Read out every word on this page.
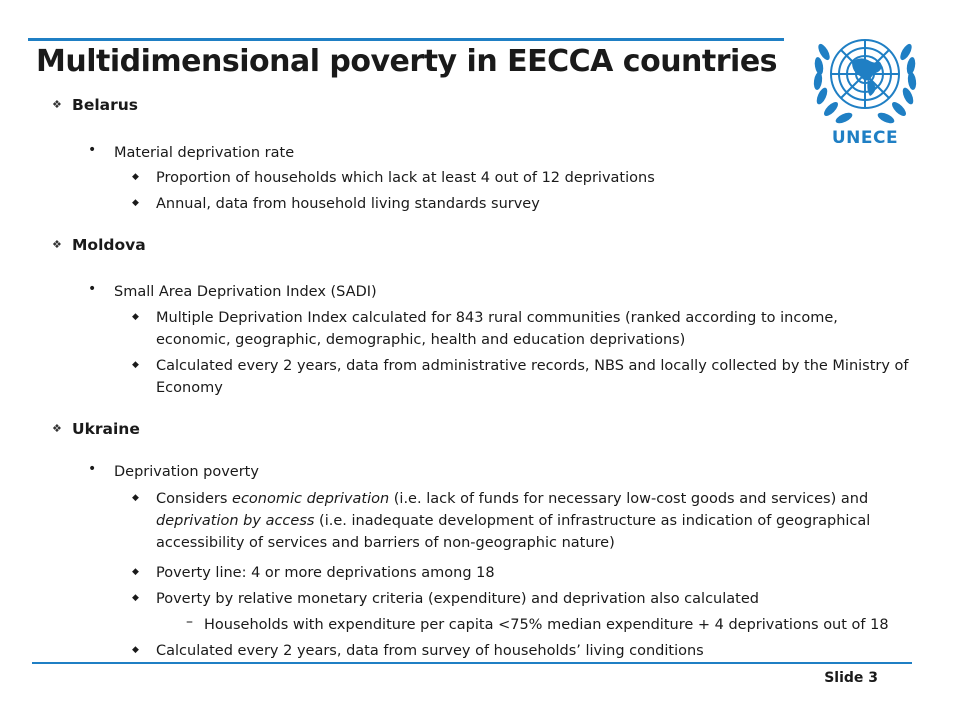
Multidimensional poverty in EECCA countries
UNECE
❖ Belarus
• Material deprivation rate
◆ Proportion of households which lack at least 4 out of 12 deprivations
◆ Annual, data from household living standards survey
❖ Moldova
• Small Area Deprivation Index (SADI)
◆ Multiple Deprivation Index calculated for 843 rural communities (ranked according to income, economic, geographic, demographic, health and education deprivations)
◆ Calculated every 2 years, data from administrative records, NBS and locally collected by the Ministry of Economy
❖ Ukraine
• Deprivation poverty
◆ Considers economic deprivation (i.e. lack of funds for necessary low-cost goods and services) and deprivation by access (i.e. inadequate development of infrastructure as indication of geographical accessibility of services and barriers of non-geographic nature)
◆ Poverty line: 4 or more deprivations among 18
◆ Poverty by relative monetary criteria (expenditure) and deprivation also calculated
– Households with expenditure per capita <75% median expenditure + 4 deprivations out of 18
◆ Calculated every 2 years, data from survey of households’ living conditions
Slide 3
